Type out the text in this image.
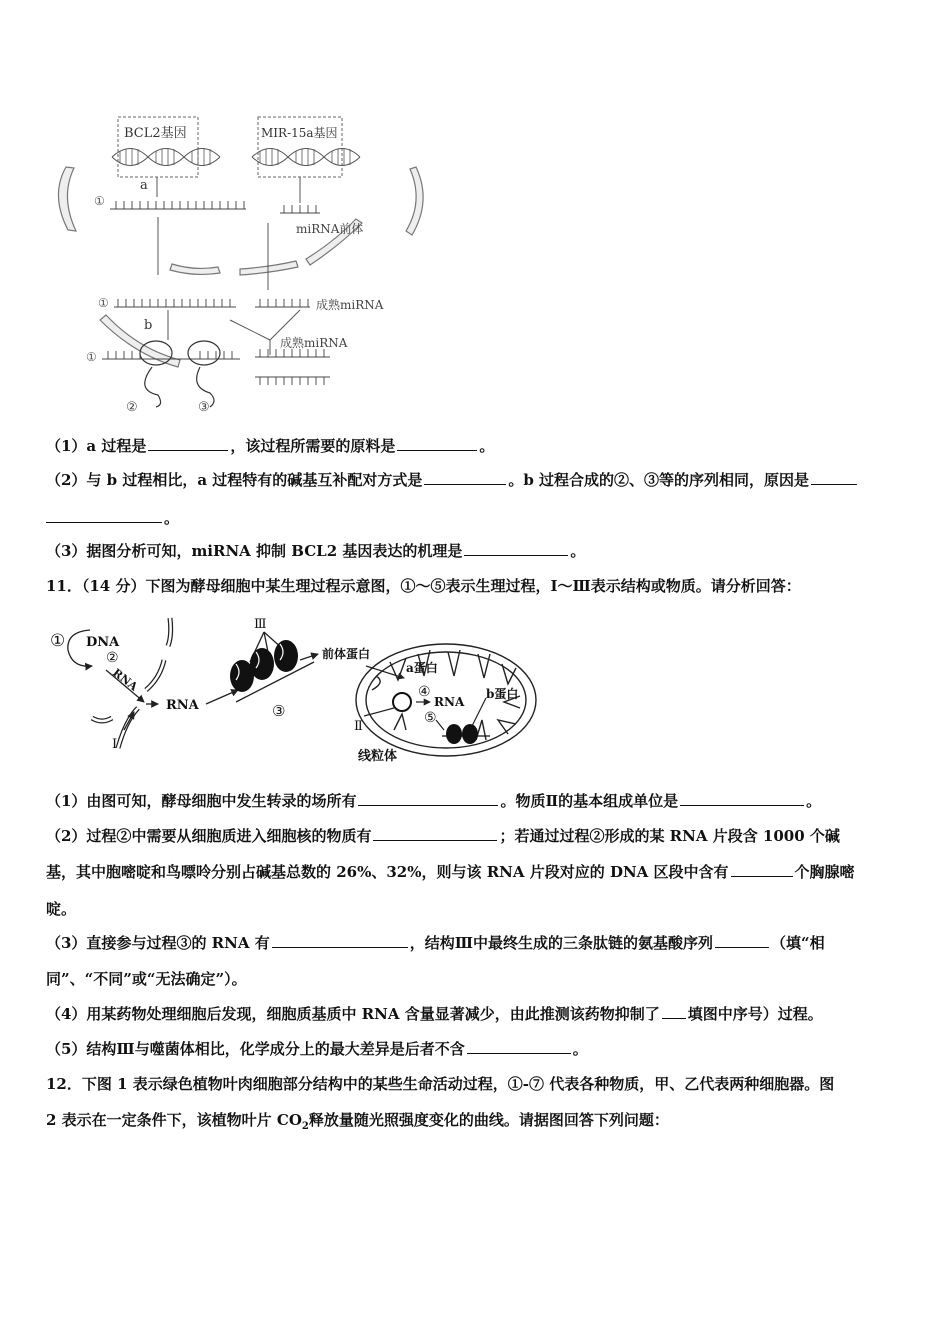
BCL2基因	MIR-15a基因
a
b
①
①
①
miRNA前体
成熟miRNA
成熟miRNA
②	③
（1）a 过程是	，该过程所需要的原料是	。
（2）与 b 过程相比，a 过程特有的碱基互补配对方式是	。b 过程合成的②、③等的序列相同，原因是
。
（3）据图分析可知，miRNA 抑制 BCL2 基因表达的机理是	。
11．（14 分）下图为酵母细胞中某生理过程示意图，①～⑤表示生理过程，Ⅰ～Ⅲ表示结构或物质。请分析回答：
① DNA
②
RNA
RNA
Ⅰ
Ⅲ
③
前体蛋白
a蛋白
④
RNA
⑤
b蛋白
Ⅱ
线粒体
（1）由图可知，酵母细胞中发生转录的场所有	。物质Ⅱ的基本组成单位是	。
（2）过程②中需要从细胞质进入细胞核的物质有	；若通过过程②形成的某 RNA 片段含 1000 个碱
基，其中胞嘧啶和鸟嘌呤分别占碱基总数的 26%、32%，则与该 RNA 片段对应的 DNA 区段中含有	个胸腺嘧
啶。
（3）直接参与过程③的 RNA 有	，结构Ⅲ中最终生成的三条肽链的氨基酸序列	（填“相
同”、“不同”或“无法确定”）。
（4）用某药物处理细胞后发现，细胞质基质中 RNA 含量显著减少，由此推测该药物抑制了 填图中序号）过程。
（5）结构Ⅲ与噬菌体相比，化学成分上的最大差异是后者不含	。
12．下图 1 表示绿色植物叶肉细胞部分结构中的某些生命活动过程，①-⑦ 代表各种物质，甲、乙代表两种细胞器。图
2 表示在一定条件下，该植物叶片 $CO_2$释放量随光照强度变化的曲线。请据图回答下列问题：
